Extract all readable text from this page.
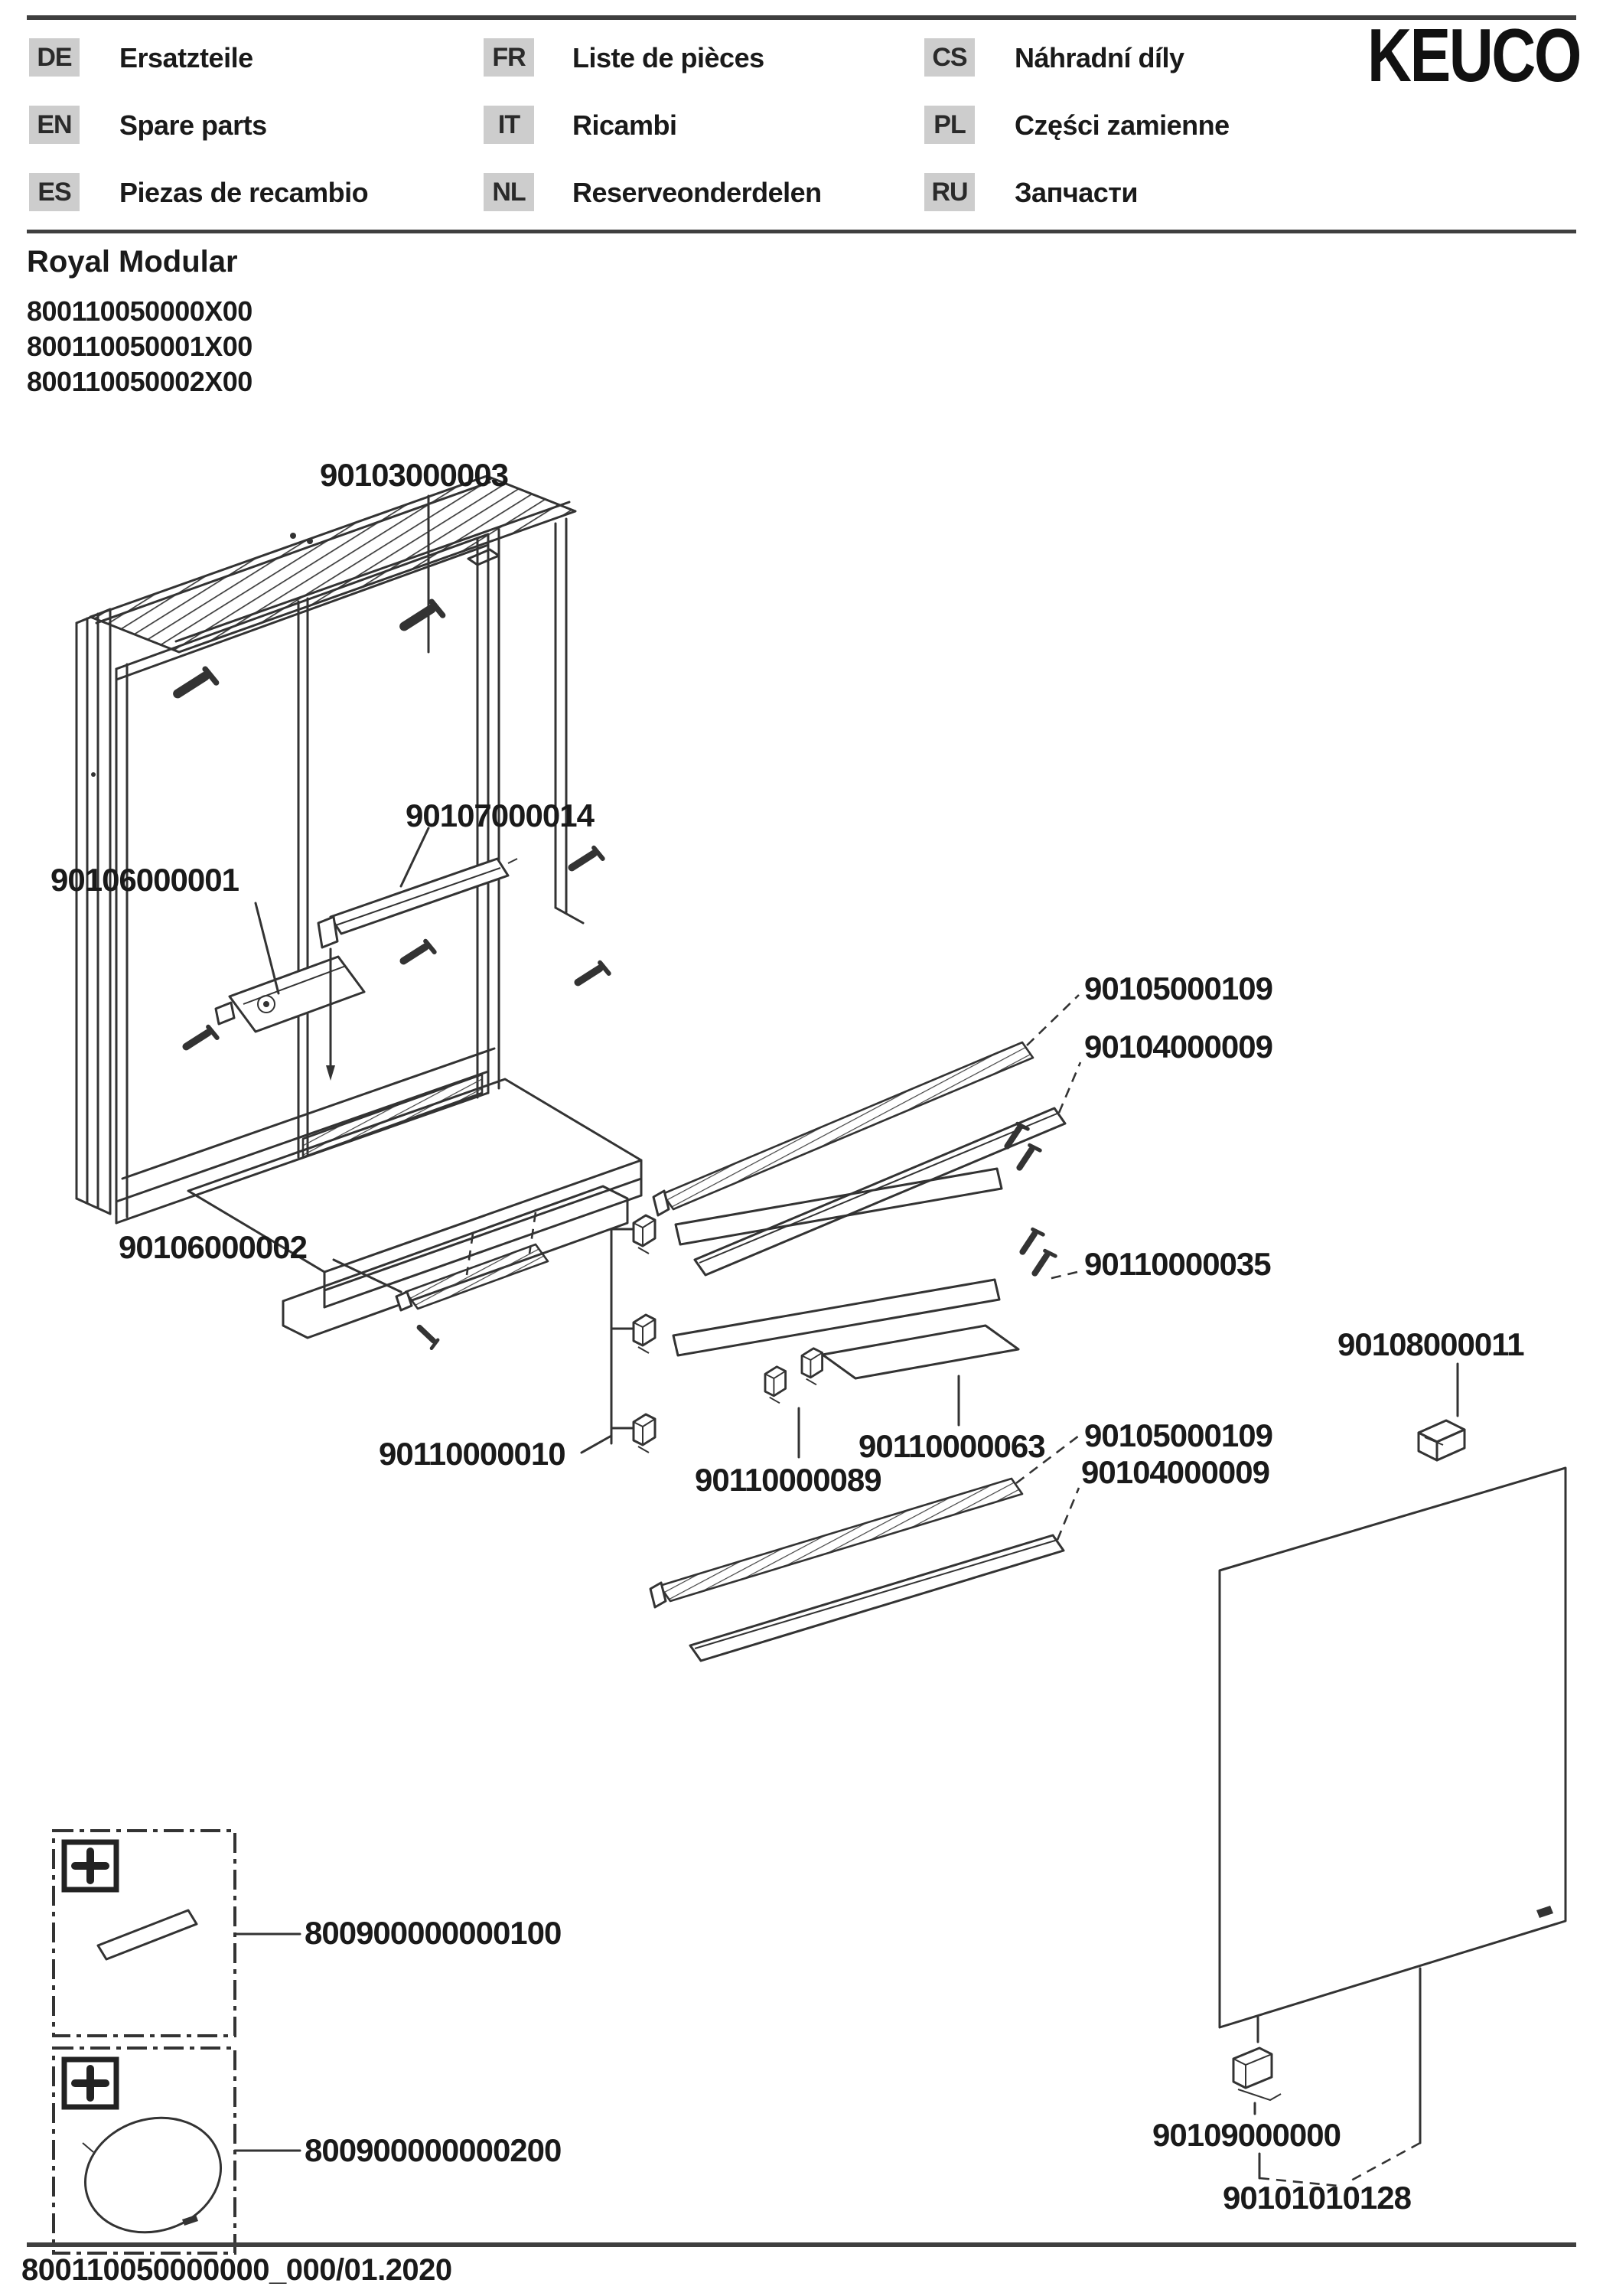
DE Ersatzteile
EN Spare parts
ES	Piezas de recambio
FR	Liste de pièces
IT	Ricambi
NL	Reserveonderdelen
CS Náhradní díly
PL	Części zamienne
RU Запчасти
KEUCO
Royal Modular
800110050000X00
800110050001X00
800110050002X00
90103000003
90106000001
90107000014
90106000002
90105000109
90104000009
90110000035
90110000010	90110000063
90110000089
90105000109
90104000009
90108000011
90109000000
90101010128
800900000000100
800900000000200
800110050000000_000/01.2020
